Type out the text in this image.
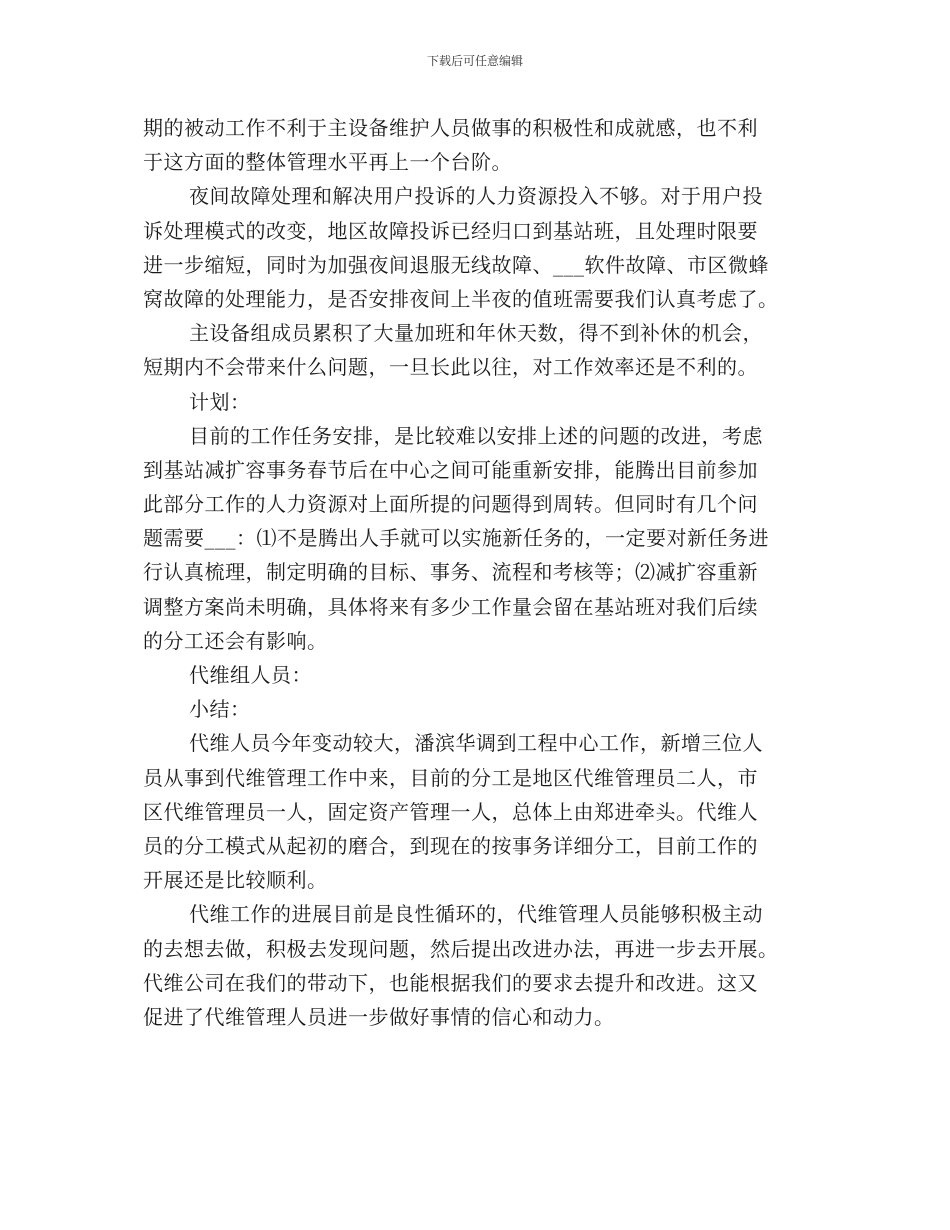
下载后可任意编辑
期的被动工作不利于主设备维护人员做事的积极性和成就感，也不利
于这方面的整体管理水平再上一个台阶。
夜间故障处理和解决用户投诉的人力资源投入不够。对于用户投
诉处理模式的改变，地区故障投诉已经归口到基站班，且处理时限要
进一步缩短，同时为加强夜间退服无线故障、___软件故障、市区微蜂
窝故障的处理能力，是否安排夜间上半夜的值班需要我们认真考虑了。
主设备组成员累积了大量加班和年休天数，得不到补休的机会，
短期内不会带来什么问题，一旦长此以往，对工作效率还是不利的。
计划：
目前的工作任务安排，是比较难以安排上述的问题的改进，考虑
到基站减扩容事务春节后在中心之间可能重新安排，能腾出目前参加
此部分工作的人力资源对上面所提的问题得到周转。但同时有几个问
题需要___：⑴不是腾出人手就可以实施新任务的，一定要对新任务进
行认真梳理，制定明确的目标、事务、流程和考核等；⑵减扩容重新
调整方案尚未明确，具体将来有多少工作量会留在基站班对我们后续
的分工还会有影响。
代维组人员：
小结：
代维人员今年变动较大，潘滨华调到工程中心工作，新增三位人
员从事到代维管理工作中来，目前的分工是地区代维管理员二人，市
区代维管理员一人，固定资产管理一人，总体上由郑进牵头。代维人
员的分工模式从起初的磨合，到现在的按事务详细分工，目前工作的
开展还是比较顺利。
代维工作的进展目前是良性循环的，代维管理人员能够积极主动
的去想去做，积极去发现问题，然后提出改进办法，再进一步去开展。
代维公司在我们的带动下，也能根据我们的要求去提升和改进。这又
促进了代维管理人员进一步做好事情的信心和动力。
